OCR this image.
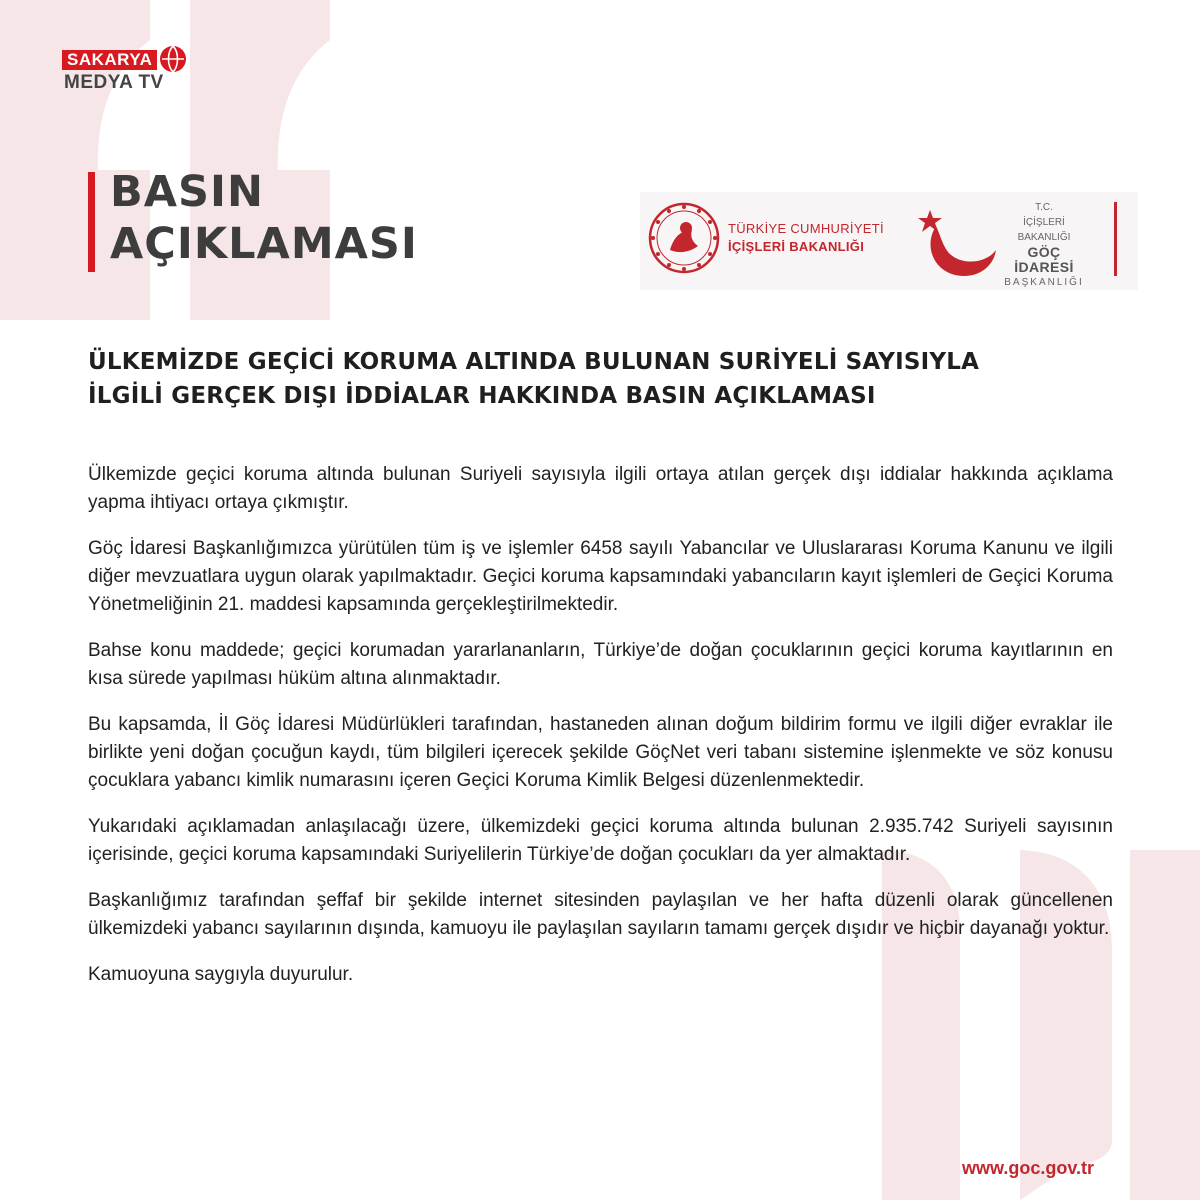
SAKARYA
MEDYA TV
BASIN
AÇIKLAMASI	TÜRKİYE CUMHURİYETİ
İÇİŞLERİ BAKANLIĞI
T.C.
İÇİŞLERİ BAKANLIĞI
GÖÇ İDARESİ
BAŞKANLIĞI
ÜLKEMİZDE GEÇİCİ KORUMA ALTINDA BULUNAN SURİYELİ SAYISIYLA
İLGİLİ GERÇEK DIŞI İDDİALAR HAKKINDA BASIN AÇIKLAMASI

Ülkemizde geçici koruma altında bulunan Suriyeli sayısıyla ilgili ortaya atılan gerçek dışı iddialar hakkında açıklama yapma ihtiyacı ortaya çıkmıştır.

Göç İdaresi Başkanlığımızca yürütülen tüm iş ve işlemler 6458 sayılı Yabancılar ve Uluslararası Koruma Kanunu ve ilgili diğer mevzuatlara uygun olarak yapılmaktadır. Geçici koruma kapsamındaki yabancıların kayıt işlemleri de Geçici Koruma Yönetmeliğinin 21. maddesi kapsamında gerçekleştirilmektedir.

Bahse konu maddede; geçici korumadan yararlananların, Türkiye’de doğan çocuklarının geçici koruma kayıtlarının en kısa sürede yapılması hüküm altına alınmaktadır.

Bu kapsamda, İl Göç İdaresi Müdürlükleri tarafından, hastaneden alınan doğum bildirim formu ve ilgili diğer evraklar ile birlikte yeni doğan çocuğun kaydı, tüm bilgileri içerecek şekilde GöçNet veri tabanı sistemine işlenmekte ve söz konusu çocuklara yabancı kimlik numarasını içeren Geçici Koruma Kimlik Belgesi düzenlenmektedir.

Yukarıdaki açıklamadan anlaşılacağı üzere, ülkemizdeki geçici koruma altında bulunan 2.935.742 Suriyeli sayısının içerisinde, geçici koruma kapsamındaki Suriyelilerin Türkiye’de doğan çocukları da yer almaktadır.

Başkanlığımız tarafından şeffaf bir şekilde internet sitesinden paylaşılan ve her hafta düzenli olarak güncellenen ülkemizdeki yabancı sayılarının dışında, kamuoyu ile paylaşılan sayıların tamamı gerçek dışıdır ve hiçbir dayanağı yoktur.

Kamuoyuna saygıyla duyurulur.

www.goc.gov.tr
